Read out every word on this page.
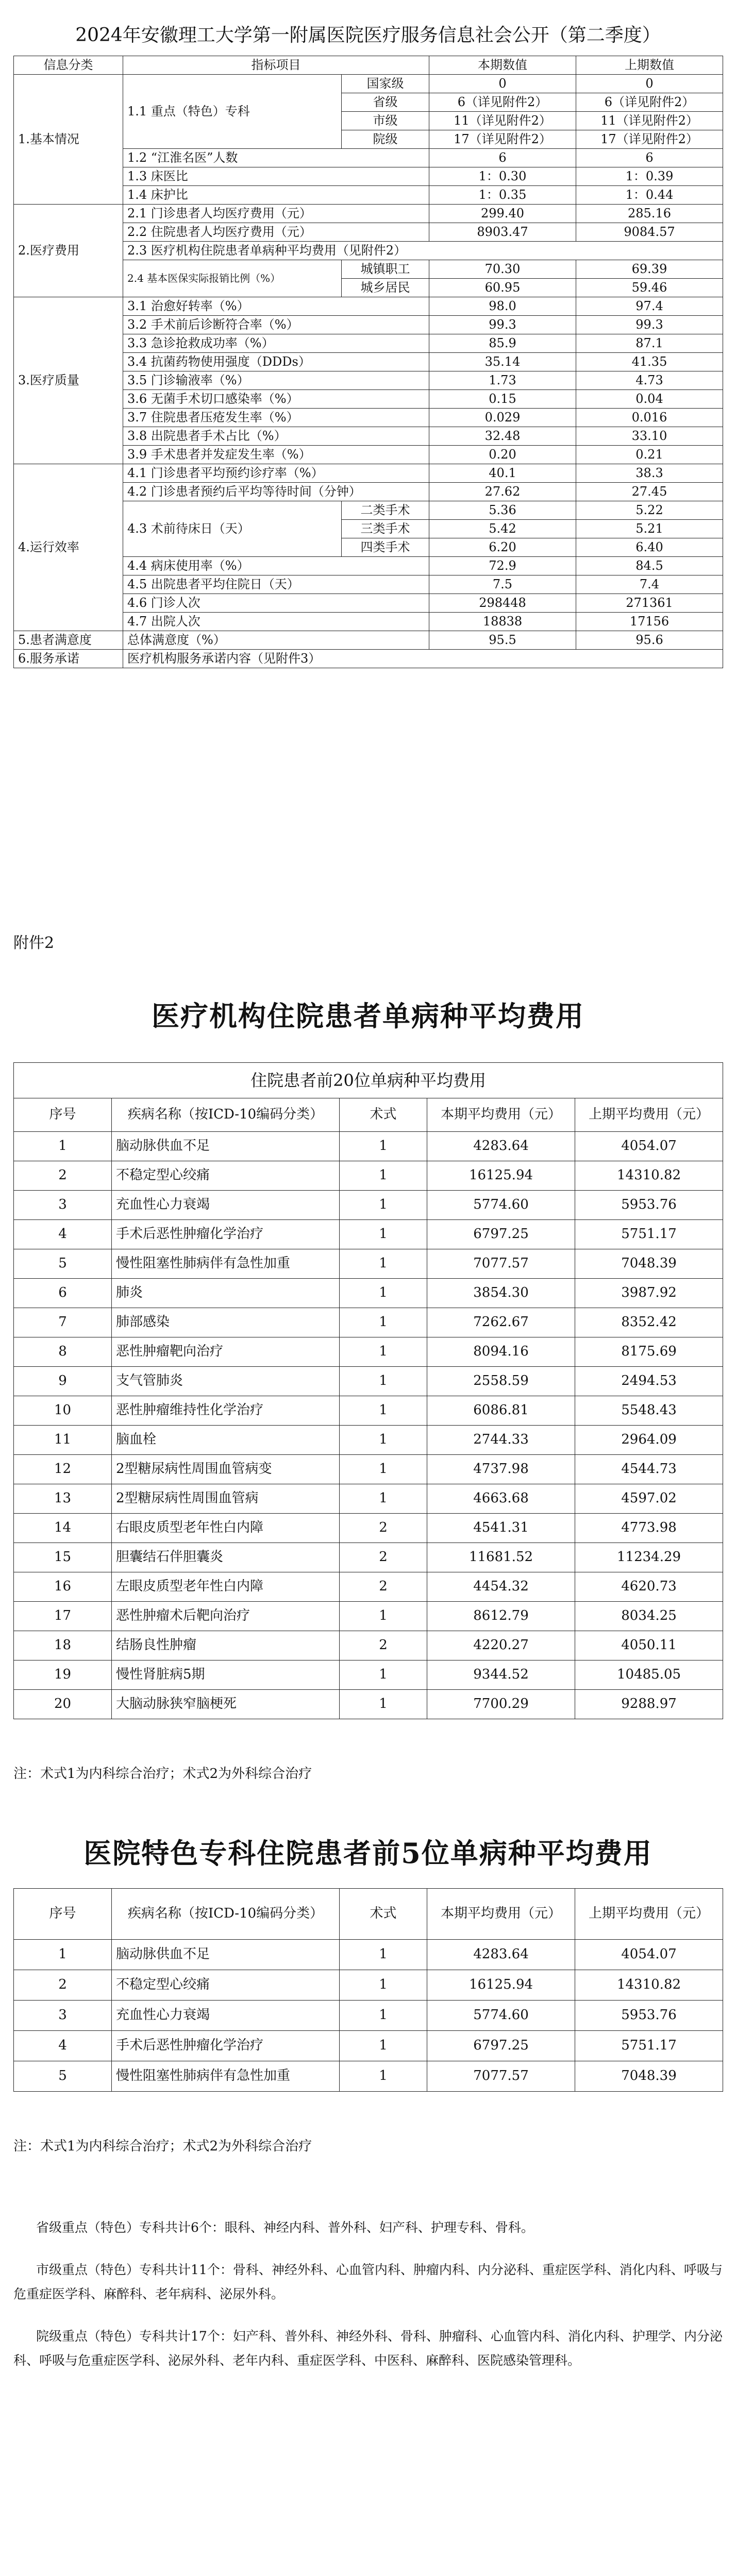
2024年安徽理工大学第一附属医院医疗服务信息社会公开（第二季度）
信息分类	指标项目		本期数值	上期数值
1.基本情况	1.1 重点（特色）专科	国家级	0	0
		省级	6（详见附件2）	6（详见附件2）
		市级	11（详见附件2）	11（详见附件2）
		院级	17（详见附件2）	17（详见附件2）
	1.2 “江淮名医”人数		6	6
	1.3 床医比		1：0.30	1：0.39
	1.4 床护比		1：0.35	1：0.44
2.医疗费用	2.1 门诊患者人均医疗费用（元）		299.40	285.16
	2.2 住院患者人均医疗费用（元）		8903.47	9084.57
	2.3 医疗机构住院患者单病种平均费用（见附件2）			
	2.4 基本医保实际报销比例（%）	城镇职工	70.30	69.39
		城乡居民	60.95	59.46
3.医疗质量	3.1 治愈好转率（%）		98.0	97.4
	3.2 手术前后诊断符合率（%）		99.3	99.3
	3.3 急诊抢救成功率（%）		85.9	87.1
	3.4 抗菌药物使用强度（DDDs）		35.14	41.35
	3.5 门诊输液率（%）		1.73	4.73
	3.6 无菌手术切口感染率（%）		0.15	0.04
	3.7 住院患者压疮发生率（%）		0.029	0.016
	3.8 出院患者手术占比（%）		32.48	33.10
	3.9 手术患者并发症发生率（%）		0.20	0.21
4.运行效率	4.1 门诊患者平均预约诊疗率（%）		40.1	38.3
	4.2 门诊患者预约后平均等待时间（分钟）		27.62	27.45
	4.3 术前待床日（天）	二类手术	5.36	5.22
		三类手术	5.42	5.21
		四类手术	6.20	6.40
	4.4 病床使用率（%）		72.9	84.5
	4.5 出院患者平均住院日（天）		7.5	7.4
	4.6 门诊人次		298448	271361
	4.7 出院人次		18838	17156
5.患者满意度	总体满意度（%）		95.5	95.6
6.服务承诺	医疗机构服务承诺内容（见附件3）			
附件2
医疗机构住院患者单病种平均费用
住院患者前20位单病种平均费用				
序号	疾病名称（按ICD-10编码分类）	术式	本期平均费用（元）	上期平均费用（元）
1	脑动脉供血不足	1	4283.64	4054.07
2	不稳定型心绞痛	1	16125.94	14310.82
3	充血性心力衰竭	1	5774.60	5953.76
4	手术后恶性肿瘤化学治疗	1	6797.25	5751.17
5	慢性阻塞性肺病伴有急性加重	1	7077.57	7048.39
6	肺炎	1	3854.30	3987.92
7	肺部感染	1	7262.67	8352.42
8	恶性肿瘤靶向治疗	1	8094.16	8175.69
9	支气管肺炎	1	2558.59	2494.53
10	恶性肿瘤维持性化学治疗	1	6086.81	5548.43
11	脑血栓	1	2744.33	2964.09
12	2型糖尿病性周围血管病变	1	4737.98	4544.73
13	2型糖尿病性周围血管病	1	4663.68	4597.02
14	右眼皮质型老年性白内障	2	4541.31	4773.98
15	胆囊结石伴胆囊炎	2	11681.52	11234.29
16	左眼皮质型老年性白内障	2	4454.32	4620.73
17	恶性肿瘤术后靶向治疗	1	8612.79	8034.25
18	结肠良性肿瘤	2	4220.27	4050.11
19	慢性肾脏病5期	1	9344.52	10485.05
20	大脑动脉狭窄脑梗死	1	7700.29	9288.97
注：术式1为内科综合治疗；术式2为外科综合治疗
医院特色专科住院患者前5位单病种平均费用
序号	疾病名称（按ICD-10编码分类）	术式	本期平均费用（元）	上期平均费用（元）
1	脑动脉供血不足	1	4283.64	4054.07
2	不稳定型心绞痛	1	16125.94	14310.82
3	充血性心力衰竭	1	5774.60	5953.76
4	手术后恶性肿瘤化学治疗	1	6797.25	5751.17
5	慢性阻塞性肺病伴有急性加重	1	7077.57	7048.39
注：术式1为内科综合治疗；术式2为外科综合治疗

省级重点（特色）专科共计6个：眼科、神经内科、普外科、妇产科、护理专科、骨科。

市级重点（特色）专科共计11个：骨科、神经外科、心血管内科、肿瘤内科、内分泌科、重症医学科、消化内科、呼吸与危重症医学科、麻醉科、老年病科、泌尿外科。

院级重点（特色）专科共计17个：妇产科、普外科、神经外科、骨科、肿瘤科、心血管内科、消化内科、护理学、内分泌科、呼吸与危重症医学科、泌尿外科、老年内科、重症医学科、中医科、麻醉科、医院感染管理科。
